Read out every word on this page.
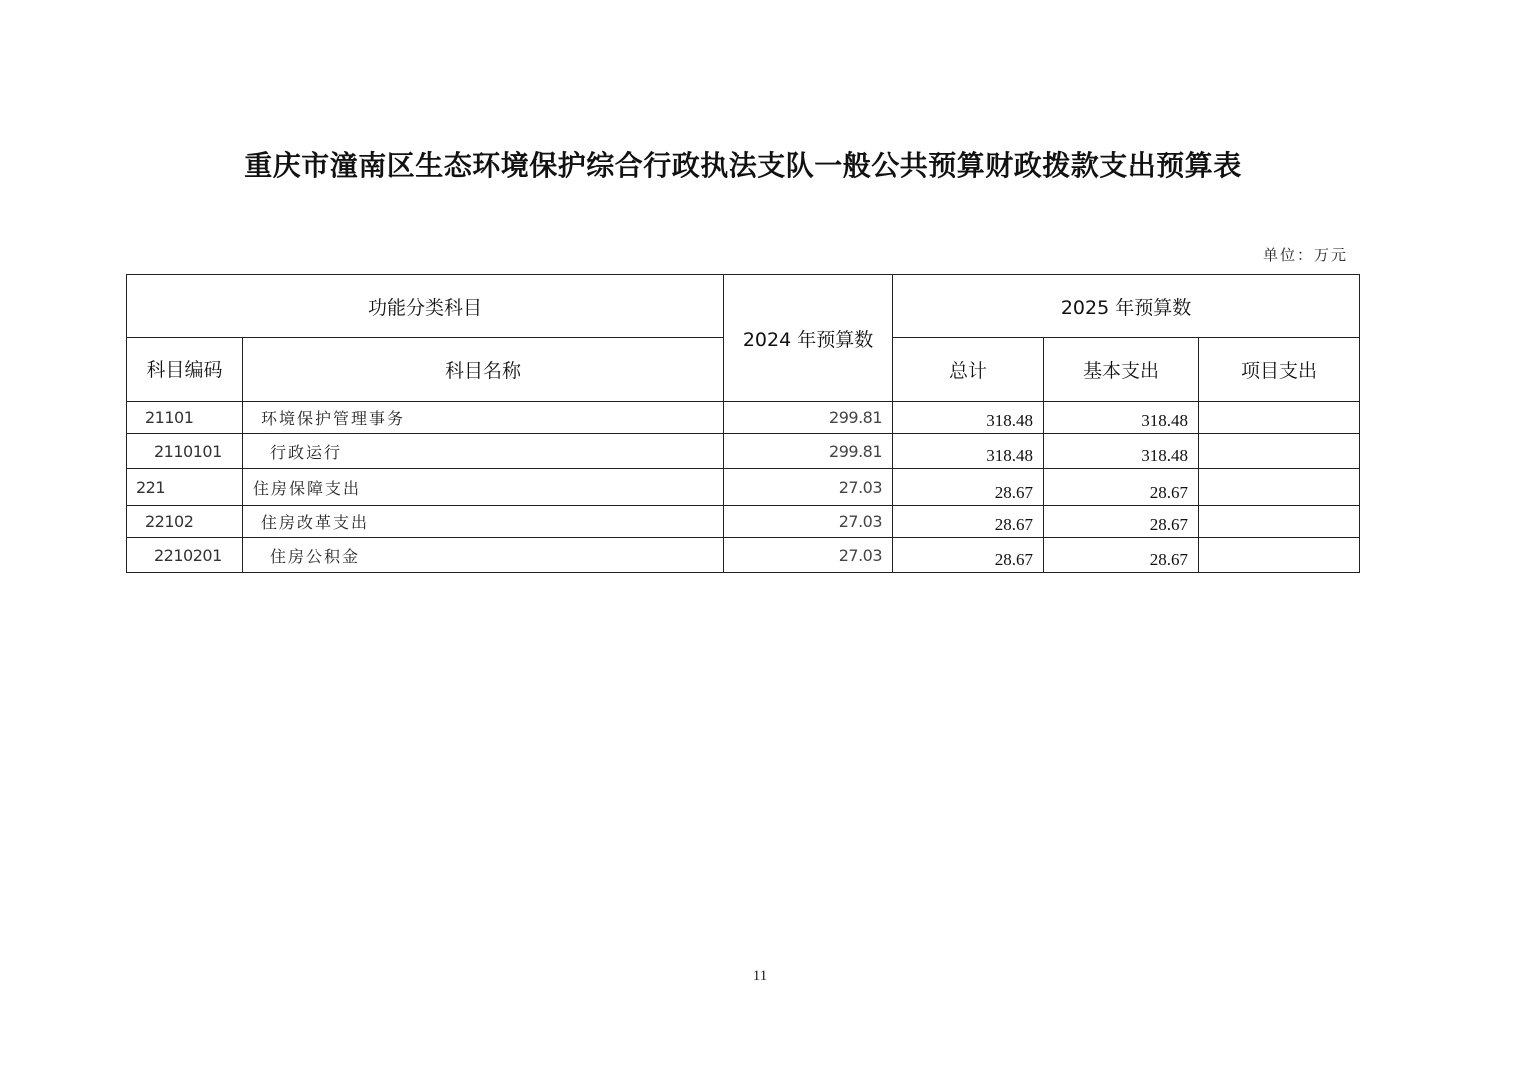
重庆市潼南区生态环境保护综合行政执法支队一般公共预算财政拨款支出预算表
单位：万元
功能分类科目		2024 年预算数	2025 年预算数		
科目编码	科目名称		总计	基本支出	项目支出
21101	环境保护管理事务	299.81	318.48	318.48	
2110101	行政运行	299.81	318.48	318.48	
221	住房保障支出	27.03	28.67	28.67	
22102	住房改革支出	27.03	28.67	28.67	
2210201	住房公积金	27.03	28.67	28.67	
11
